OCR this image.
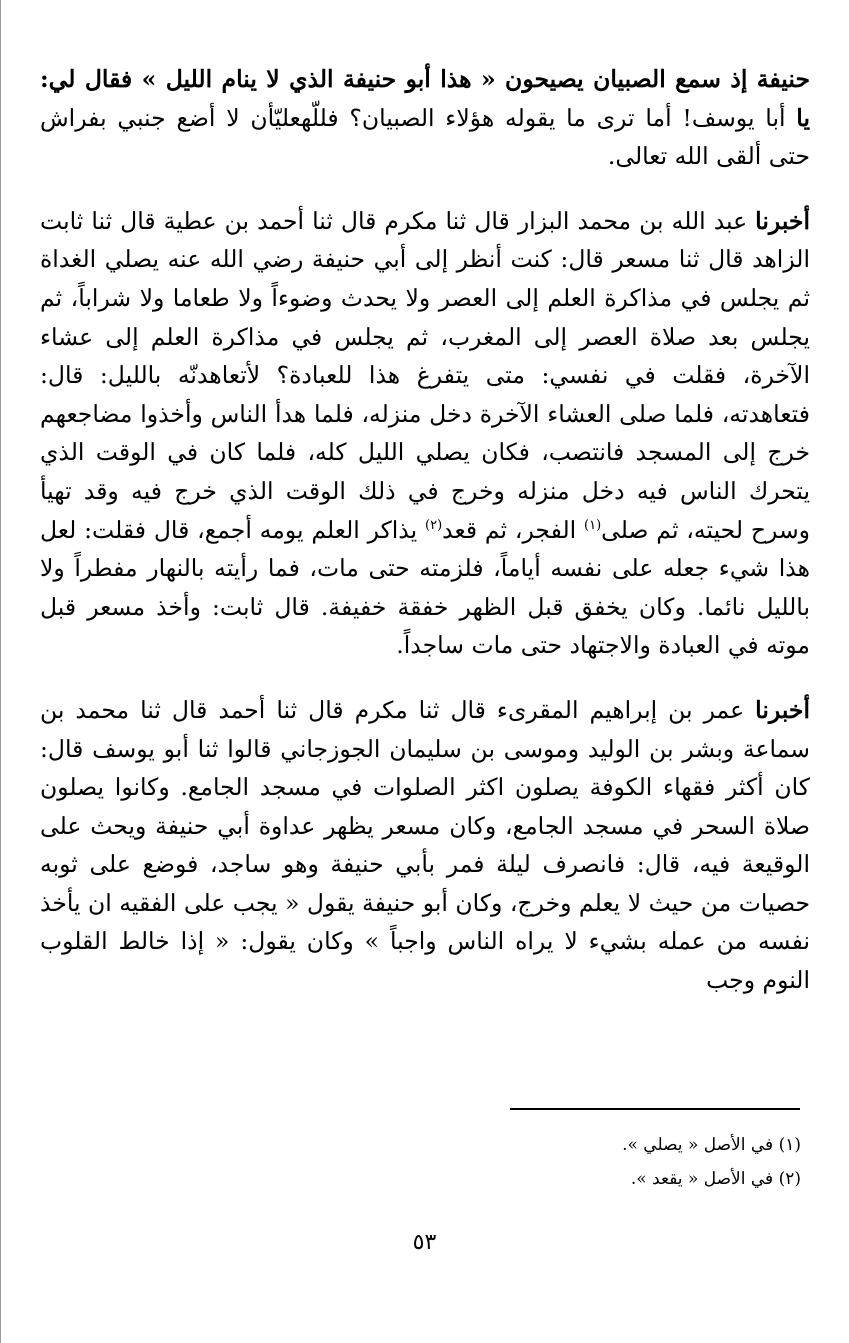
حنيفة إذ سمع الصبيان يصيحون « هذا أبو حنيفة الذي لا ينام الليل » فقال لي: يا أبا يوسف! أما ترى ما يقوله هؤلاء الصبيان؟ فللّهعليّأن لا أضع جنبي بفراش حتى ألقى الله تعالى.

أخبرنا عبد الله بن محمد البزار قال ثنا مكرم قال ثنا أحمد بن عطية قال ثنا ثابت الزاهد قال ثنا مسعر قال: كنت أنظر إلى أبي حنيفة رضي الله عنه يصلي الغداة ثم يجلس في مذاكرة العلم إلى العصر ولا يحدث وضوءاً ولا طعاما ولا شراباً، ثم يجلس بعد صلاة العصر إلى المغرب، ثم يجلس في مذاكرة العلم إلى عشاء الآخرة، فقلت في نفسي: متى يتفرغ هذا للعبادة؟ لأتعاهدنّه بالليل: قال: فتعاهدته، فلما صلى العشاء الآخرة دخل منزله، فلما هدأ الناس وأخذوا مضاجعهم خرج إلى المسجد فانتصب، فكان يصلي الليل كله، فلما كان في الوقت الذي يتحرك الناس فيه دخل منزله وخرج في ذلك الوقت الذي خرج فيه وقد تهيأ وسرح لحيته، ثم صلى$^{(١)}$ الفجر، ثم قعد$^{(٢)}$ يذاكر العلم يومه أجمع، قال فقلت: لعل هذا شيء جعله على نفسه أياماً، فلزمته حتى مات، فما رأيته بالنهار مفطراً ولا بالليل نائما. وكان يخفق قبل الظهر خفقة خفيفة. قال ثابت: وأخذ مسعر قبل موته في العبادة والاجتهاد حتى مات ساجداً.

أخبرنا عمر بن إبراهيم المقرىء قال ثنا مكرم قال ثنا أحمد قال ثنا محمد بن سماعة وبشر بن الوليد وموسى بن سليمان الجوزجاني قالوا ثنا أبو يوسف قال: كان أكثر فقهاء الكوفة يصلون اكثر الصلوات في مسجد الجامع. وكانوا يصلون صلاة السحر في مسجد الجامع، وكان مسعر يظهر عداوة أبي حنيفة ويحث على الوقيعة فيه، قال: فانصرف ليلة فمر بأبي حنيفة وهو ساجد، فوضع على ثوبه حصيات من حيث لا يعلم وخرج، وكان أبو حنيفة يقول « يجب على الفقيه ان يأخذ نفسه من عمله بشيء لا يراه الناس واجباً » وكان يقول: « إذا خالط القلوب النوم وجب

(١) في الأصل « يصلي ».

(٢) في الأصل « يقعد ».

٥٣
